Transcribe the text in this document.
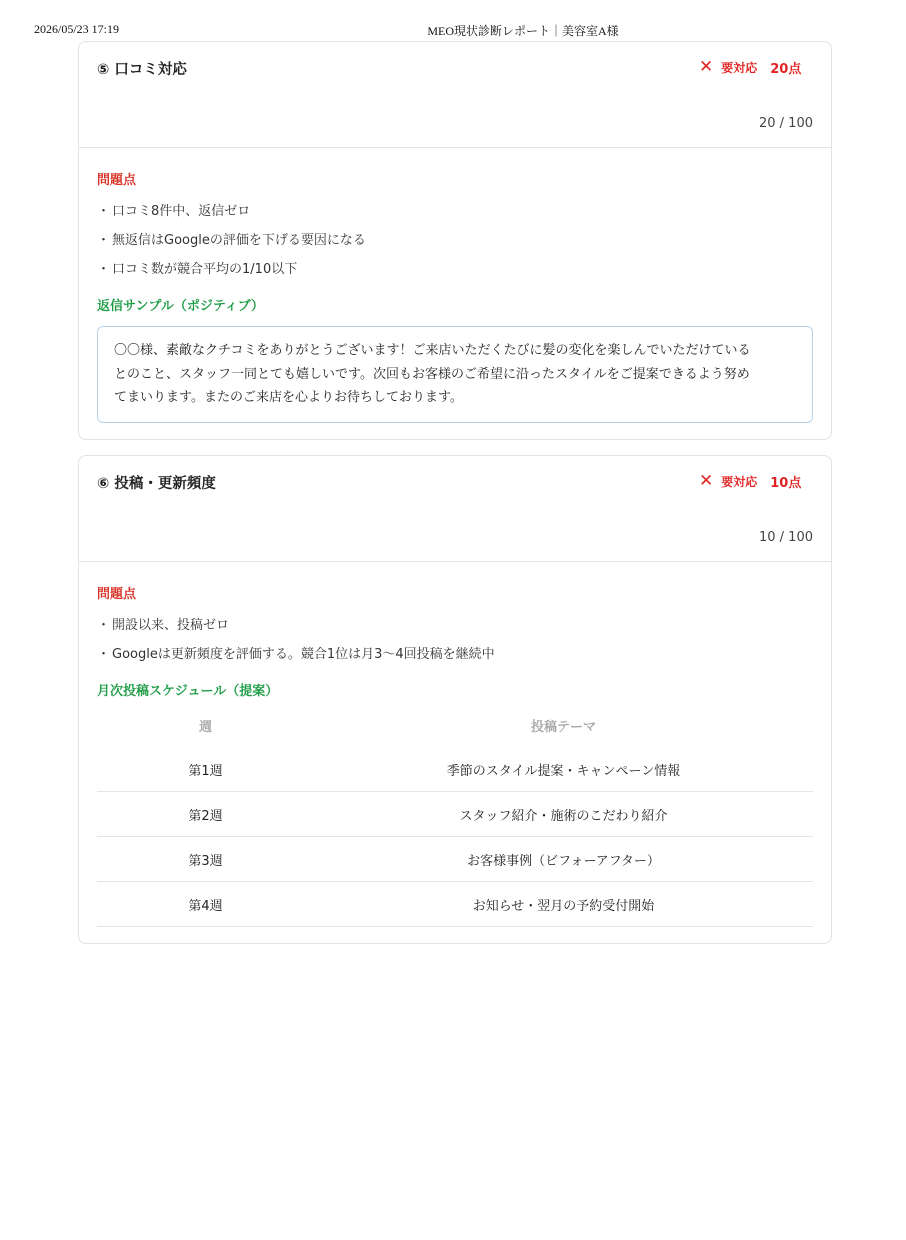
2026/05/23 17:19	MEO現状診断レポート｜美容室A様
⑤ 口コミ対応	✕ 要対応 20点
20 / 100

問題点

・ 口コミ8件中、返信ゼロ
・ 無返信はGoogleの評価を下げる要因になる
・ 口コミ数が競合平均の1/10以下

返信サンプル（ポジティブ）

〇〇様、素敵なクチコミをありがとうございます！ご来店いただくたびに髪の変化を楽しんでいただけている
とのこと、スタッフ一同とても嬉しいです。次回もお客様のご希望に沿ったスタイルをご提案できるよう努め
てまいります。またのご来店を心よりお待ちしております。
⑥ 投稿・更新頻度	✕ 要対応 10点
10 / 100

問題点

・ 開設以来、投稿ゼロ
・ Googleは更新頻度を評価する。競合1位は月3〜4回投稿を継続中

月次投稿スケジュール（提案）

週	投稿テーマ
第1週	季節のスタイル提案・キャンペーン情報
第2週	スタッフ紹介・施術のこだわり紹介
第3週	お客様事例（ビフォーアフター）
第4週	お知らせ・翌月の予約受付開始
